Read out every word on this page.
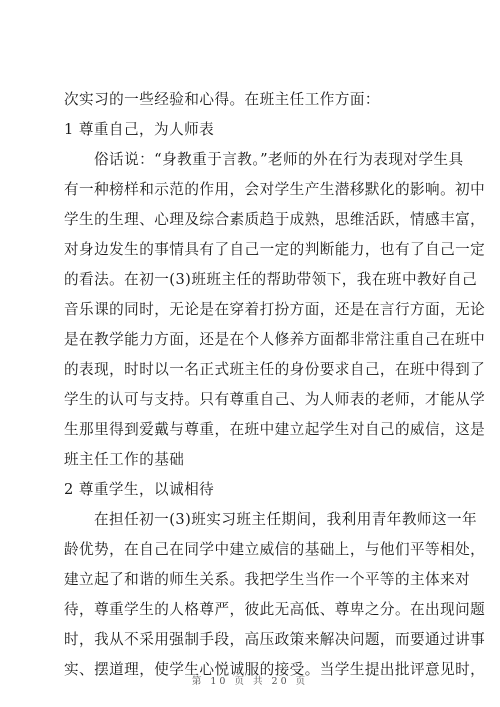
次实习的一些经验和心得。在班主任工作方面：
1 尊重自己，为人师表
俗话说：“身教重于言教。”老师的外在行为表现对学生具
有一种榜样和示范的作用，会对学生产生潜移默化的影响。初中
学生的生理、心理及综合素质趋于成熟，思维活跃，情感丰富，
对身边发生的事情具有了自己一定的判断能力，也有了自己一定
的看法。在初一(3)班班主任的帮助带领下，我在班中教好自己
音乐课的同时，无论是在穿着打扮方面，还是在言行方面，无论
是在教学能力方面，还是在个人修养方面都非常注重自己在班中
的表现，时时以一名正式班主任的身份要求自己，在班中得到了
学生的认可与支持。只有尊重自己、为人师表的老师，才能从学
生那里得到爱戴与尊重，在班中建立起学生对自己的威信，这是
班主任工作的基础
2 尊重学生，以诚相待
在担任初一(3)班实习班主任期间，我利用青年教师这一年
龄优势，在自己在同学中建立威信的基础上，与他们平等相处，
建立起了和谐的师生关系。我把学生当作一个平等的主体来对
待，尊重学生的人格尊严，彼此无高低、尊卑之分。在出现问题
时，我从不采用强制手段，高压政策来解决问题，而要通过讲事
实、摆道理，使学生心悦诚服的接受。当学生提出批评意见时，
第 10 页 共 20 页
